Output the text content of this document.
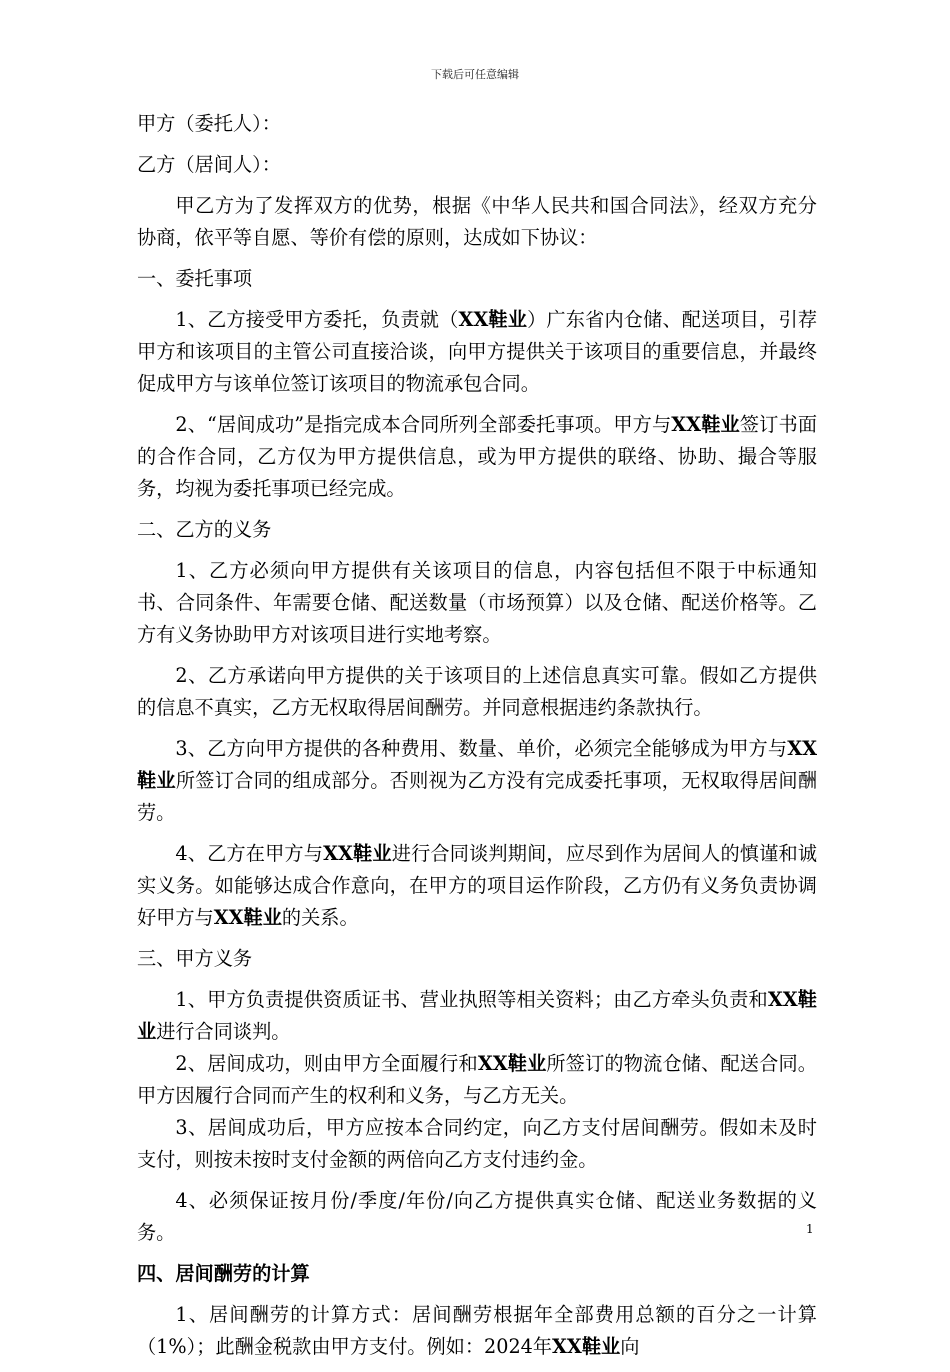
下载后可任意编辑

甲方（委托人）：

乙方（居间人）：

甲乙方为了发挥双方的优势，根据《中华人民共和国合同法》，经双方充分协商，依平等自愿、等价有偿的原则，达成如下协议：

一、委托事项

1、乙方接受甲方委托，负责就（XX鞋业）广东省内仓储、配送项目，引荐甲方和该项目的主管公司直接洽谈，向甲方提供关于该项目的重要信息，并最终促成甲方与该单位签订该项目的物流承包合同。

2、“居间成功”是指完成本合同所列全部委托事项。甲方与XX鞋业签订书面的合作合同，乙方仅为甲方提供信息，或为甲方提供的联络、协助、撮合等服务，均视为委托事项已经完成。

二、乙方的义务

1、乙方必须向甲方提供有关该项目的信息，内容包括但不限于中标通知书、合同条件、年需要仓储、配送数量（市场预算）以及仓储、配送价格等。乙方有义务协助甲方对该项目进行实地考察。

2、乙方承诺向甲方提供的关于该项目的上述信息真实可靠。假如乙方提供的信息不真实，乙方无权取得居间酬劳。并同意根据违约条款执行。

3、乙方向甲方提供的各种费用、数量、单价，必须完全能够成为甲方与XX鞋业所签订合同的组成部分。否则视为乙方没有完成委托事项，无权取得居间酬劳。

4、乙方在甲方与XX鞋业进行合同谈判期间，应尽到作为居间人的慎谨和诚实义务。如能够达成合作意向，在甲方的项目运作阶段，乙方仍有义务负责协调好甲方与XX鞋业的关系。

三、甲方义务

1、甲方负责提供资质证书、营业执照等相关资料；由乙方牵头负责和XX鞋业进行合同谈判。

2、居间成功，则由甲方全面履行和XX鞋业所签订的物流仓储、配送合同。甲方因履行合同而产生的权利和义务，与乙方无关。

3、居间成功后，甲方应按本合同约定，向乙方支付居间酬劳。假如未及时支付，则按未按时支付金额的两倍向乙方支付违约金。

4、必须保证按月份/季度/年份/向乙方提供真实仓储、配送业务数据的义务。

四、居间酬劳的计算

1、居间酬劳的计算方式：居间酬劳根据年全部费用总额的百分之一计算（1%）；此酬金税款由甲方支付。例如：2024年XX鞋业向

1
